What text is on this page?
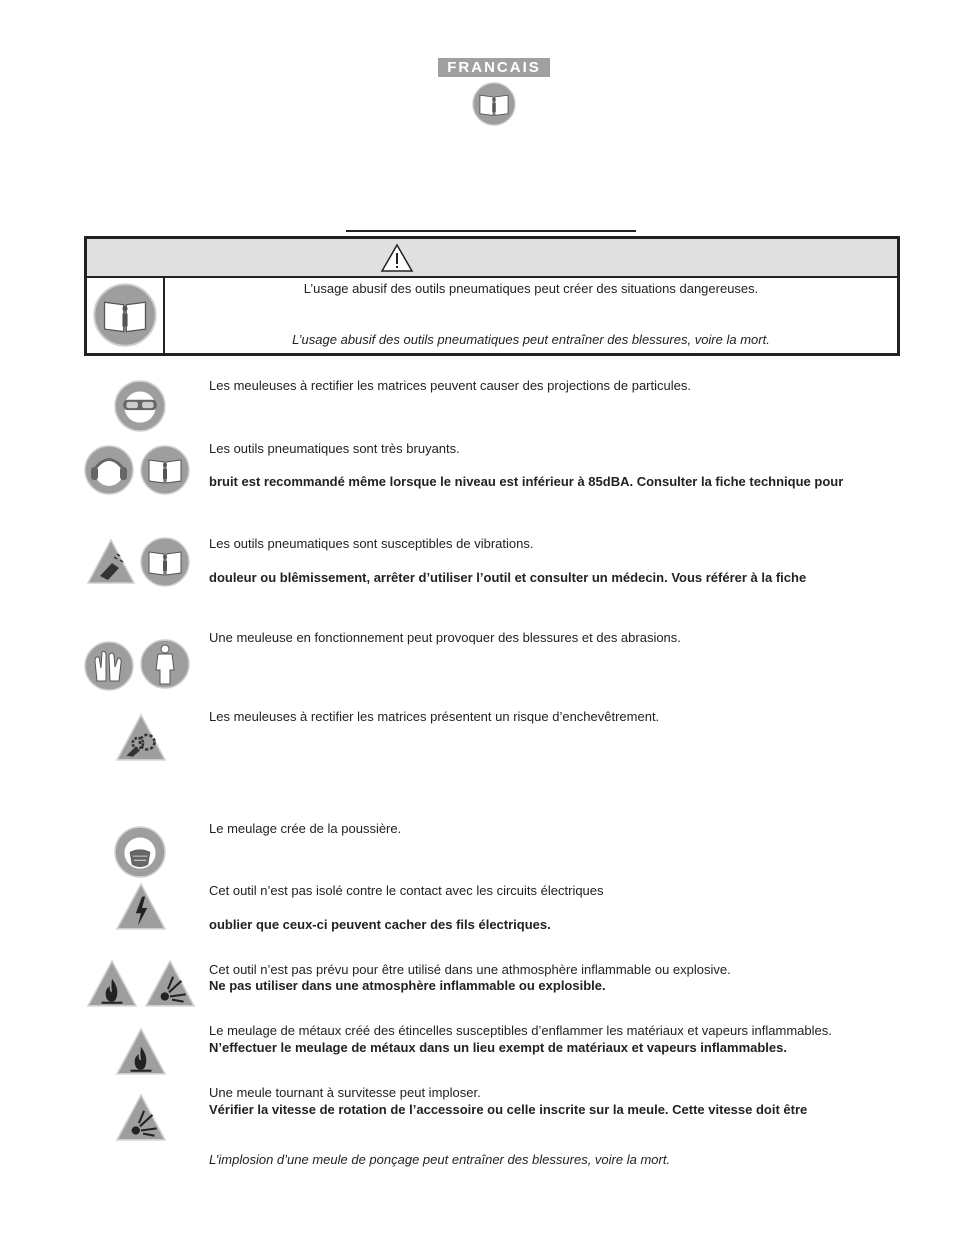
FRANCAIS
L’usage abusif des outils pneumatiques peut créer des situations dangereuses.
L’usage abusif des outils pneumatiques peut entraîner des blessures, voire la mort.
Les meuleuses à rectifier les matrices peuvent causer des projections de particules.
Les outils pneumatiques sont très bruyants.
bruit est recommandé même lorsque le niveau est inférieur à 85dBA. Consulter la fiche technique pour
Les outils pneumatiques sont susceptibles de vibrations.
douleur ou blêmissement, arrêter d’utiliser l’outil et consulter un médecin. Vous référer à la fiche
Une meuleuse en fonctionnement peut provoquer des blessures et des abrasions.
Les meuleuses à rectifier les matrices présentent un risque d’enchevêtrement.
Le meulage crée de la poussière.
Cet outil n’est pas isolé contre le contact avec les circuits électriques
oublier que ceux-ci peuvent cacher des fils électriques.
Cet outil n’est pas prévu pour être utilisé dans une athmosphère inflammable ou explosive.
Ne pas utiliser dans une atmosphère inflammable ou explosible.
Le meulage de métaux créé des étincelles susceptibles d’enflammer les matériaux et vapeurs inflammables.
N’effectuer le meulage de métaux dans un lieu exempt de matériaux et vapeurs inflammables.
Une meule tournant à survitesse peut imploser.
Vérifier la vitesse de rotation de l’accessoire ou celle inscrite sur la meule. Cette vitesse doit être
L’implosion d’une meule de ponçage peut entraîner des blessures, voire la mort.
